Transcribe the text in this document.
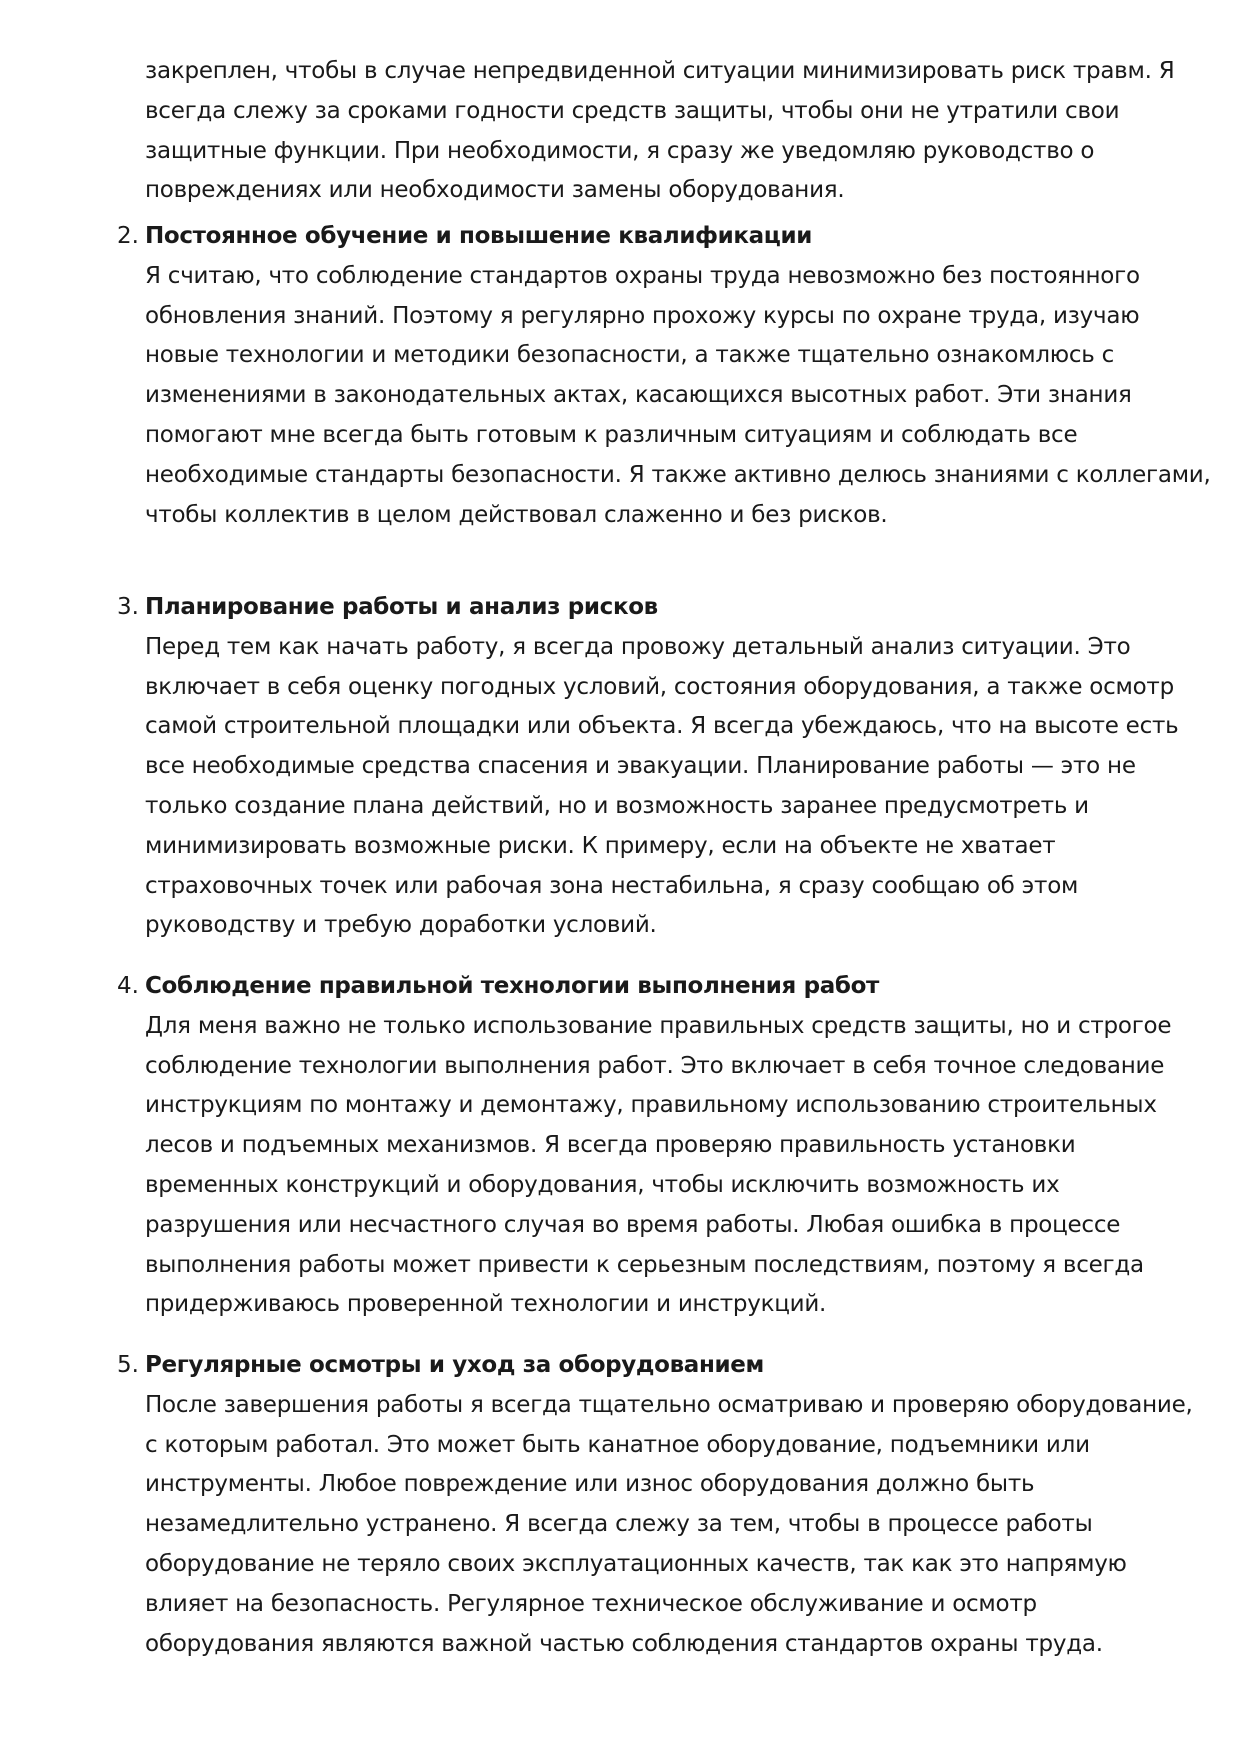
закреплен, чтобы в случае непредвиденной ситуации минимизировать риск травм. Я
всегда слежу за сроками годности средств защиты, чтобы они не утратили свои
защитные функции. При необходимости, я сразу же уведомляю руководство о
повреждениях или необходимости замены оборудования.

2. Постоянное обучение и повышение квалификации

Я считаю, что соблюдение стандартов охраны труда невозможно без постоянного
обновления знаний. Поэтому я регулярно прохожу курсы по охране труда, изучаю
новые технологии и методики безопасности, а также тщательно ознакомлюсь с
изменениями в законодательных актах, касающихся высотных работ. Эти знания
помогают мне всегда быть готовым к различным ситуациям и соблюдать все
необходимые стандарты безопасности. Я также активно делюсь знаниями с коллегами,
чтобы коллектив в целом действовал слаженно и без рисков.

3. Планирование работы и анализ рисков

Перед тем как начать работу, я всегда провожу детальный анализ ситуации. Это
включает в себя оценку погодных условий, состояния оборудования, а также осмотр
самой строительной площадки или объекта. Я всегда убеждаюсь, что на высоте есть
все необходимые средства спасения и эвакуации. Планирование работы — это не
только создание плана действий, но и возможность заранее предусмотреть и
минимизировать возможные риски. К примеру, если на объекте не хватает
страховочных точек или рабочая зона нестабильна, я сразу сообщаю об этом
руководству и требую доработки условий.

4. Соблюдение правильной технологии выполнения работ

Для меня важно не только использование правильных средств защиты, но и строгое
соблюдение технологии выполнения работ. Это включает в себя точное следование
инструкциям по монтажу и демонтажу, правильному использованию строительных
лесов и подъемных механизмов. Я всегда проверяю правильность установки
временных конструкций и оборудования, чтобы исключить возможность их
разрушения или несчастного случая во время работы. Любая ошибка в процессе
выполнения работы может привести к серьезным последствиям, поэтому я всегда
придерживаюсь проверенной технологии и инструкций.

5. Регулярные осмотры и уход за оборудованием

После завершения работы я всегда тщательно осматриваю и проверяю оборудование,
с которым работал. Это может быть канатное оборудование, подъемники или
инструменты. Любое повреждение или износ оборудования должно быть
незамедлительно устранено. Я всегда слежу за тем, чтобы в процессе работы
оборудование не теряло своих эксплуатационных качеств, так как это напрямую
влияет на безопасность. Регулярное техническое обслуживание и осмотр
оборудования являются важной частью соблюдения стандартов охраны труда.
